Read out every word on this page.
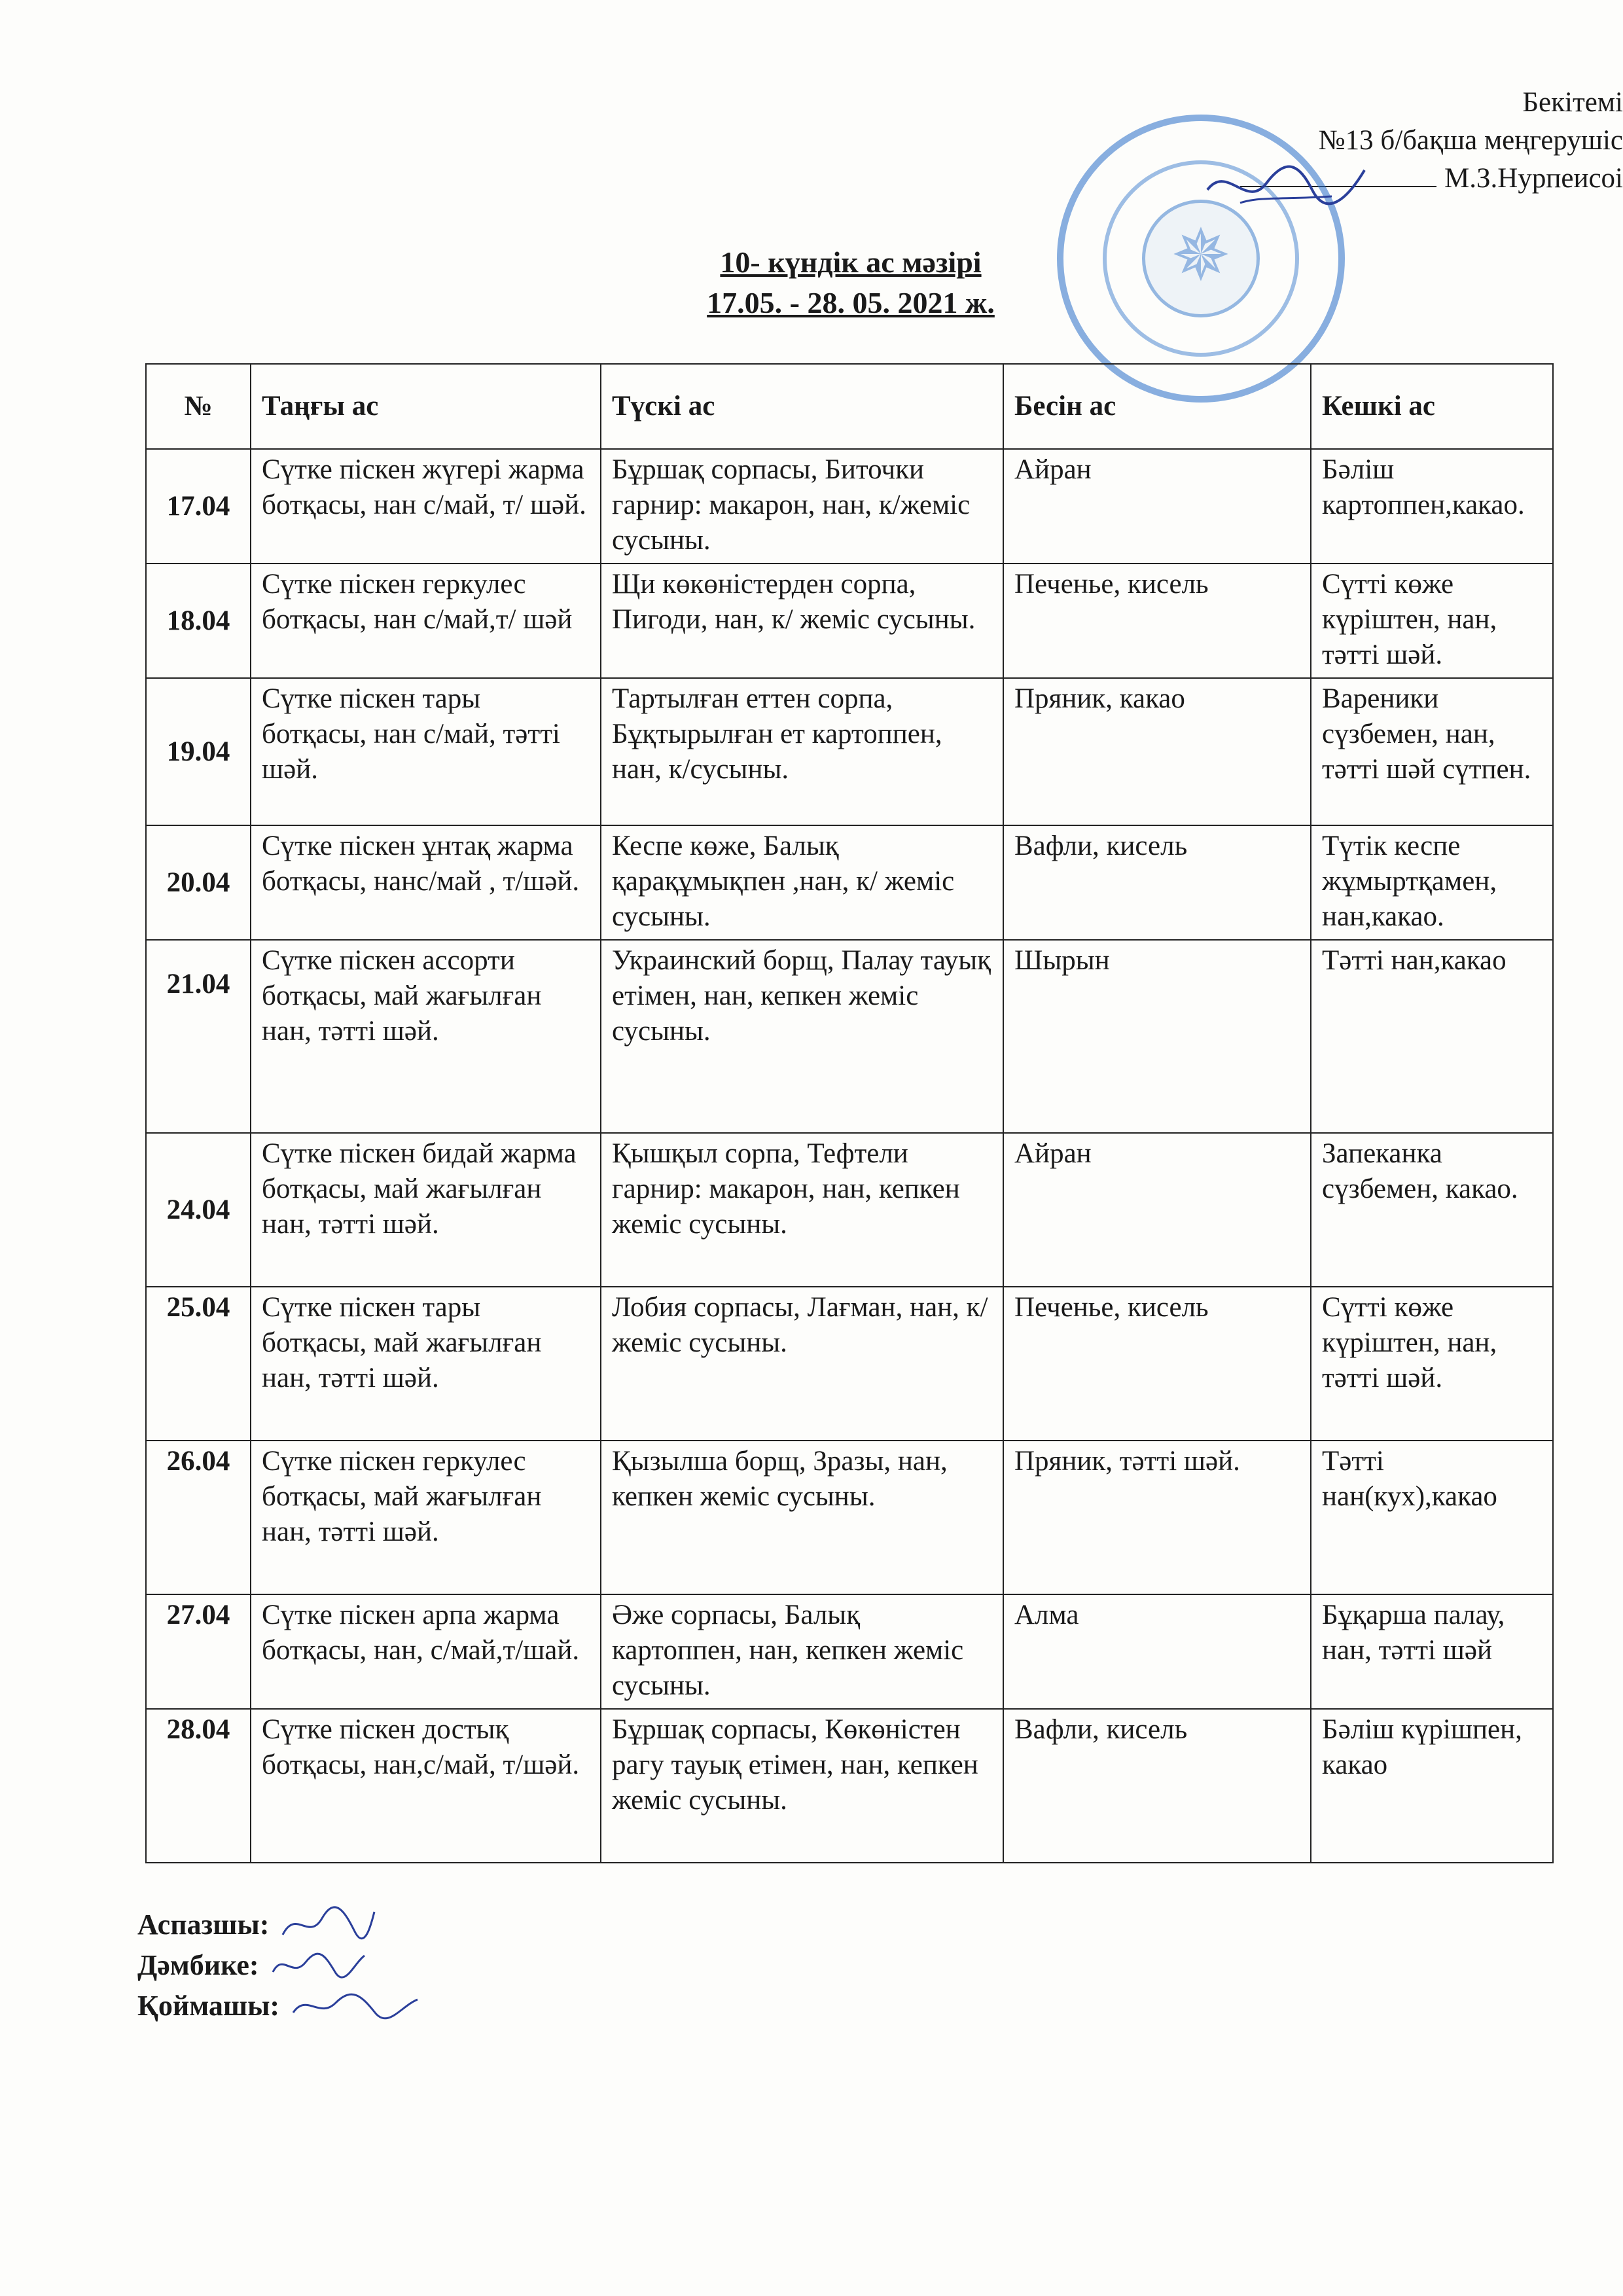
Бекітемі
№13 б/бақша меңгерушіс
М.З.Нурпеисоі
✵
10- күндік ас мәзірі
17.05. - 28. 05. 2021 ж.
№	Таңғы ас	Түскі ас	Бесін ас	Кешкі ас
17.04	Сүтке піскен жүгері жарма ботқасы, нан с/май, т/ шәй.	Бұршақ сорпасы, Биточки гарнир: макарон, нан, к/жеміс сусыны.	Айран	Бәліш картоппен,какао.
18.04	Сүтке піскен геркулес ботқасы, нан с/май,т/ шәй	Щи көкөністерден сорпа, Пигоди, нан, к/ жеміс сусыны.	Печенье, кисель	Сүтті көже күріштен, нан, тәтті шәй.
19.04	Сүтке піскен тары ботқасы, нан с/май, тәтті шәй.	Тартылған еттен сорпа, Бұқтырылған ет картоппен, нан, к/сусыны.	Пряник, какао	Вареники сүзбемен, нан, тәтті шәй сүтпен.
20.04	Сүтке піскен ұнтақ жарма ботқасы, нанс/май , т/шәй.	Кеспе көже, Балық қарақұмықпен ,нан, к/ жеміс сусыны.	Вафли, кисель	Түтік кеспе жұмыртқамен, нан,какао.
21.04	Сүтке піскен ассорти ботқасы, май жағылған нан, тәтті шәй.	Украинский борщ, Палау тауық етімен, нан, кепкен жеміс сусыны.	Шырын	Тәтті нан,какао
24.04	Сүтке піскен бидай жарма ботқасы, май жағылған нан, тәтті шәй.	Қышқыл сорпа, Тефтели гарнир: макарон, нан, кепкен жеміс сусыны.	Айран	Запеканка сүзбемен, какао.
25.04	Сүтке піскен тары ботқасы, май жағылған нан, тәтті шәй.	Лобия сорпасы, Лағман, нан, к/жеміс сусыны.	Печенье, кисель	Сүтті көже күріштен, нан, тәтті шәй.
26.04	Сүтке піскен геркулес ботқасы, май жағылған нан, тәтті шәй.	Қызылша борщ, Зразы, нан, кепкен жеміс сусыны.	Пряник, тәтті шәй.	Тәтті нан(кух),какао
27.04	Сүтке піскен арпа жарма ботқасы, нан, с/май,т/шай.	Әже сорпасы, Балық картоппен, нан, кепкен жеміс сусыны.	Алма	Бұқарша палау, нан, тәтті шәй
28.04	Сүтке піскен достық ботқасы, нан,с/май, т/шәй.	Бұршақ сорпасы, Көкөністен рагу тауық етімен, нан, кепкен жеміс сусыны.	Вафли, кисель	Бәліш күрішпен, какао
Аспазшы:
Дәмбике:
Қоймашы:
